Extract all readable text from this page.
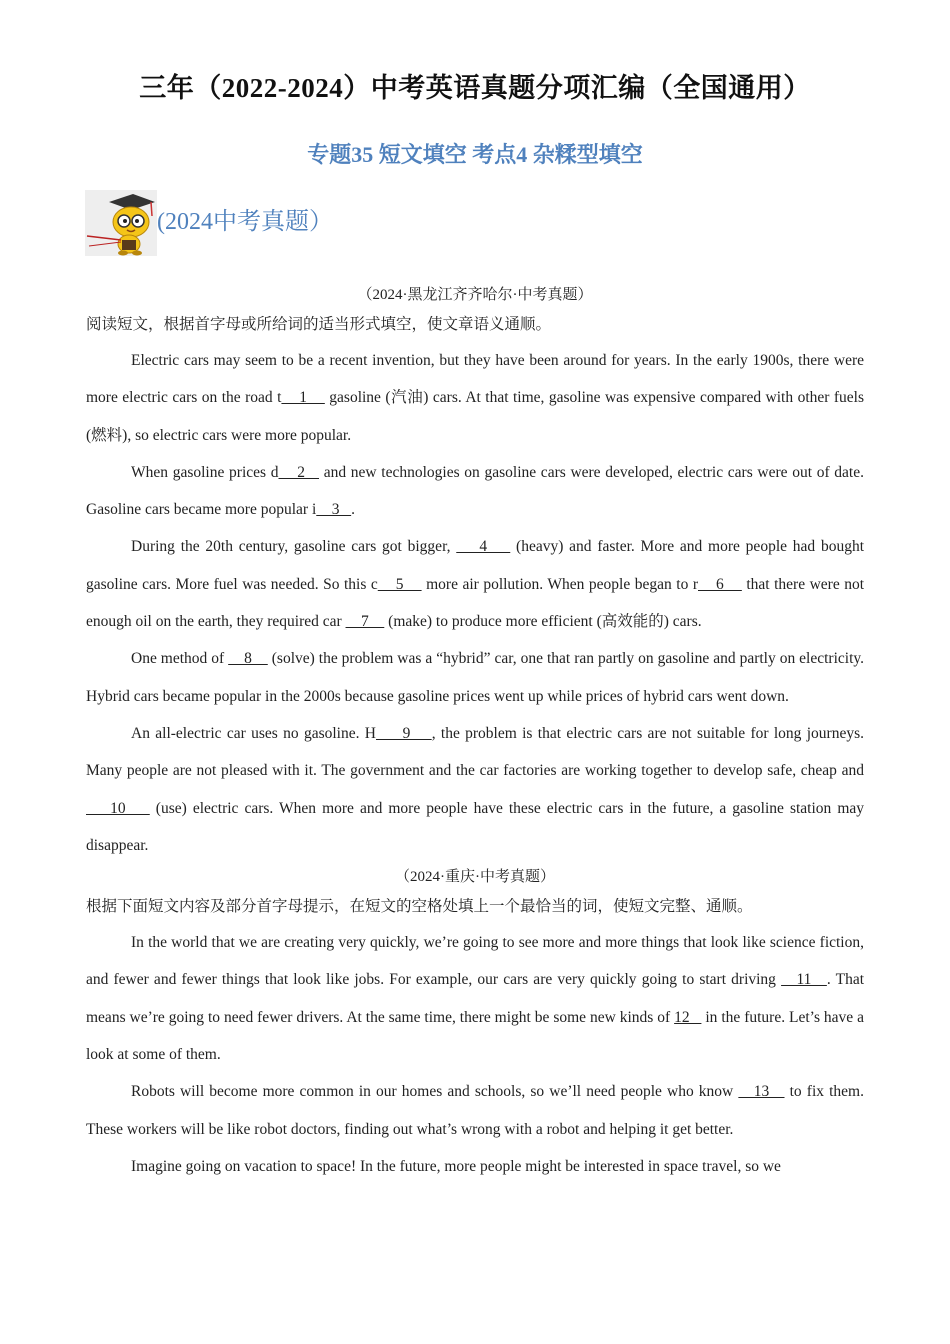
三年（2022-2024）中考英语真题分项汇编（全国通用）
专题35 短文填空 考点4 杂糅型填空
(2024中考真题）

（2024·黑龙江齐齐哈尔·中考真题）

阅读短文，根据首字母或所给词的适当形式填空，使文章语义通顺。

Electric cars may seem to be a recent invention, but they have been around for years. In the early 1900s, there were more electric cars on the road t    1     gasoline (汽油) cars. At that time, gasoline was expensive compared with other fuels (燃料), so electric cars were more popular.

When gasoline prices d    2    and new technologies on gasoline cars were developed, electric cars were out of date. Gasoline cars became more popular i    3   .

During the 20th century, gasoline cars got bigger,     4     (heavy) and faster. More and more people had bought gasoline cars. More fuel was needed. So this c    5     more air pollution. When people began to r    6     that there were not enough oil on the earth, they required car     7     (make) to produce more efficient (高效能的) cars.

One method of     8     (solve) the problem was a “hybrid” car, one that ran partly on gasoline and partly on electricity. Hybrid cars became popular in the 2000s because gasoline prices went up while prices of hybrid cars went down.

An all-electric car uses no gasoline. H     9    , the problem is that electric cars are not suitable for long journeys. Many people are not pleased with it. The government and the car factories are working together to develop safe, cheap and     10     (use) electric cars. When more and more people have these electric cars in the future, a gasoline station may disappear.

（2024·重庆·中考真题）

根据下面短文内容及部分首字母提示，在短文的空格处填上一个最恰当的词，使短文完整、通顺。

In the world that we are creating very quickly, we’re going to see more and more things that look like science fiction, and fewer and fewer things that look like jobs. For example, our cars are very quickly going to start driving    11   . That means we’re going to need fewer drivers. At the same time, there might be some new kinds of 12    in the future. Let’s have a look at some of them.

Robots will become more common in our homes and schools, so we’ll need people who know    13    to fix them. These workers will be like robot doctors, finding out what’s wrong with a robot and helping it get better.

Imagine going on vacation to space! In the future, more people might be interested in space travel, so we
